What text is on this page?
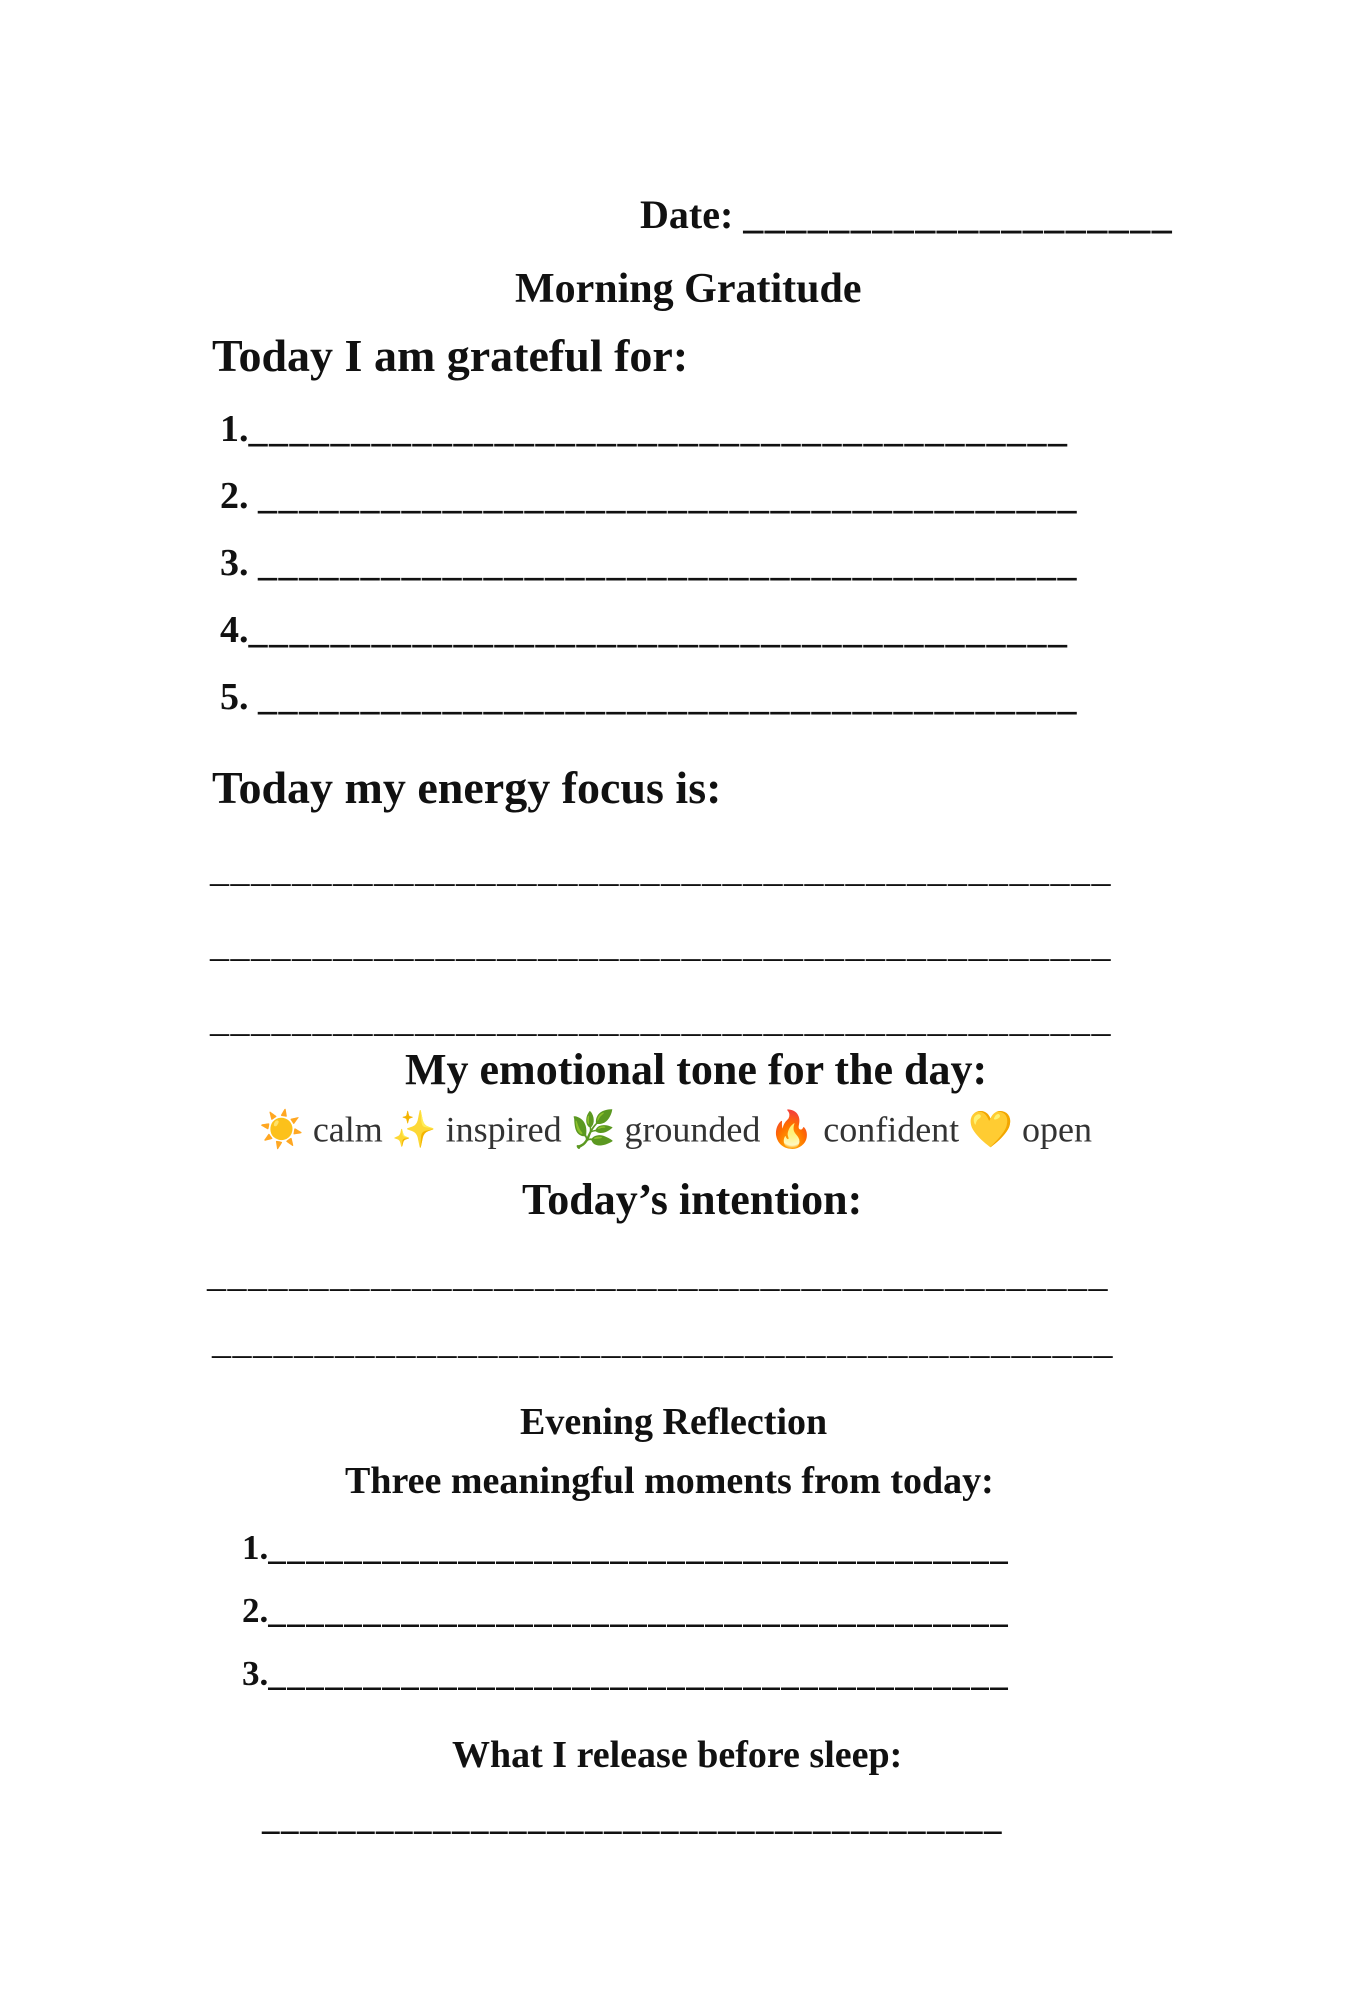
Date: ____________________
Morning Gratitude
Today I am grateful for:
1.________________________________________
2. ________________________________________
3. ________________________________________
4.________________________________________
5. ________________________________________
Today my energy focus is:
____________________________________________
____________________________________________
____________________________________________
My emotional tone for the day:
☀️ calm ✨ inspired 🌿 grounded 🔥 confident 💛 open
Today’s intention:
____________________________________________
____________________________________________
Evening Reflection
Three meaningful moments from today:
1._______________________________________
2._______________________________________
3._______________________________________
What I release before sleep:
_______________________________________
